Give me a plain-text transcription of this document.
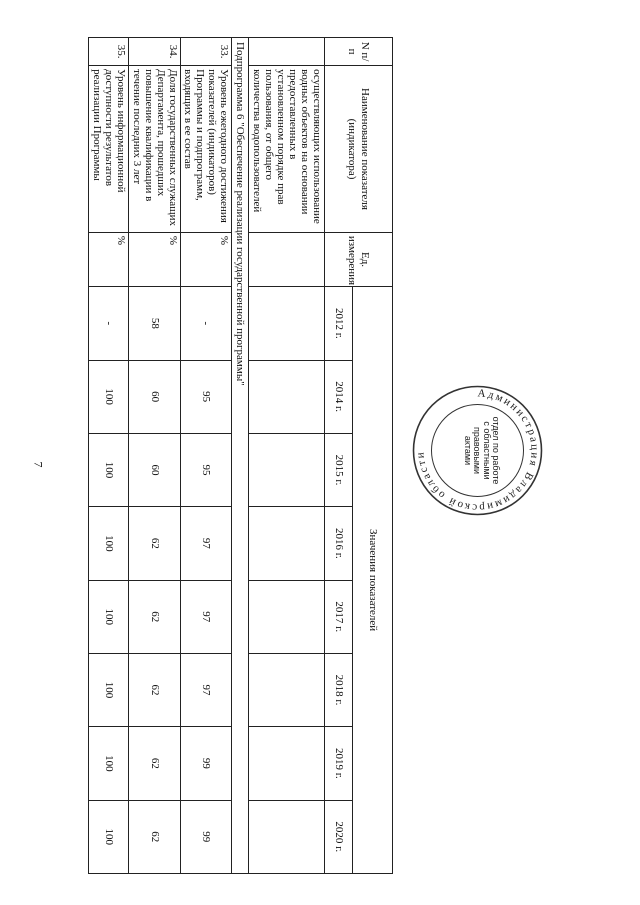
7
N п/п	Наименование показателя (индикатора)	Ед. измерения	Значения показателей							
			2012 г.	2014 г.	2015 г.	2016 г.	2017 г.	2018 г.	2019 г.	2020 г.
	осуществляющих использование водных объектов на основании предоставленных в установленном порядке прав пользования, от общего количества водопользователей									
Подпрограмма 6 "Обеспечение реализации государственной программы"										
33.	Уровень ежегодного достижения показателей (индикаторов) Программы и подпрограмм, входящих в ее состав	%	-	95	95	97	97	97	99	99
34.	Доля государственных служащих Департамента, прошедших повышение квалификации в течение последних 3 лет	%	58	60	60	62	62	62	62	62
35.	Уровень информационной доступности результатов реализации Программы	%	-	100	100	100	100	100	100	100
Администрация Владимирской области	отдел по работе
с областными
правовыми
актами
